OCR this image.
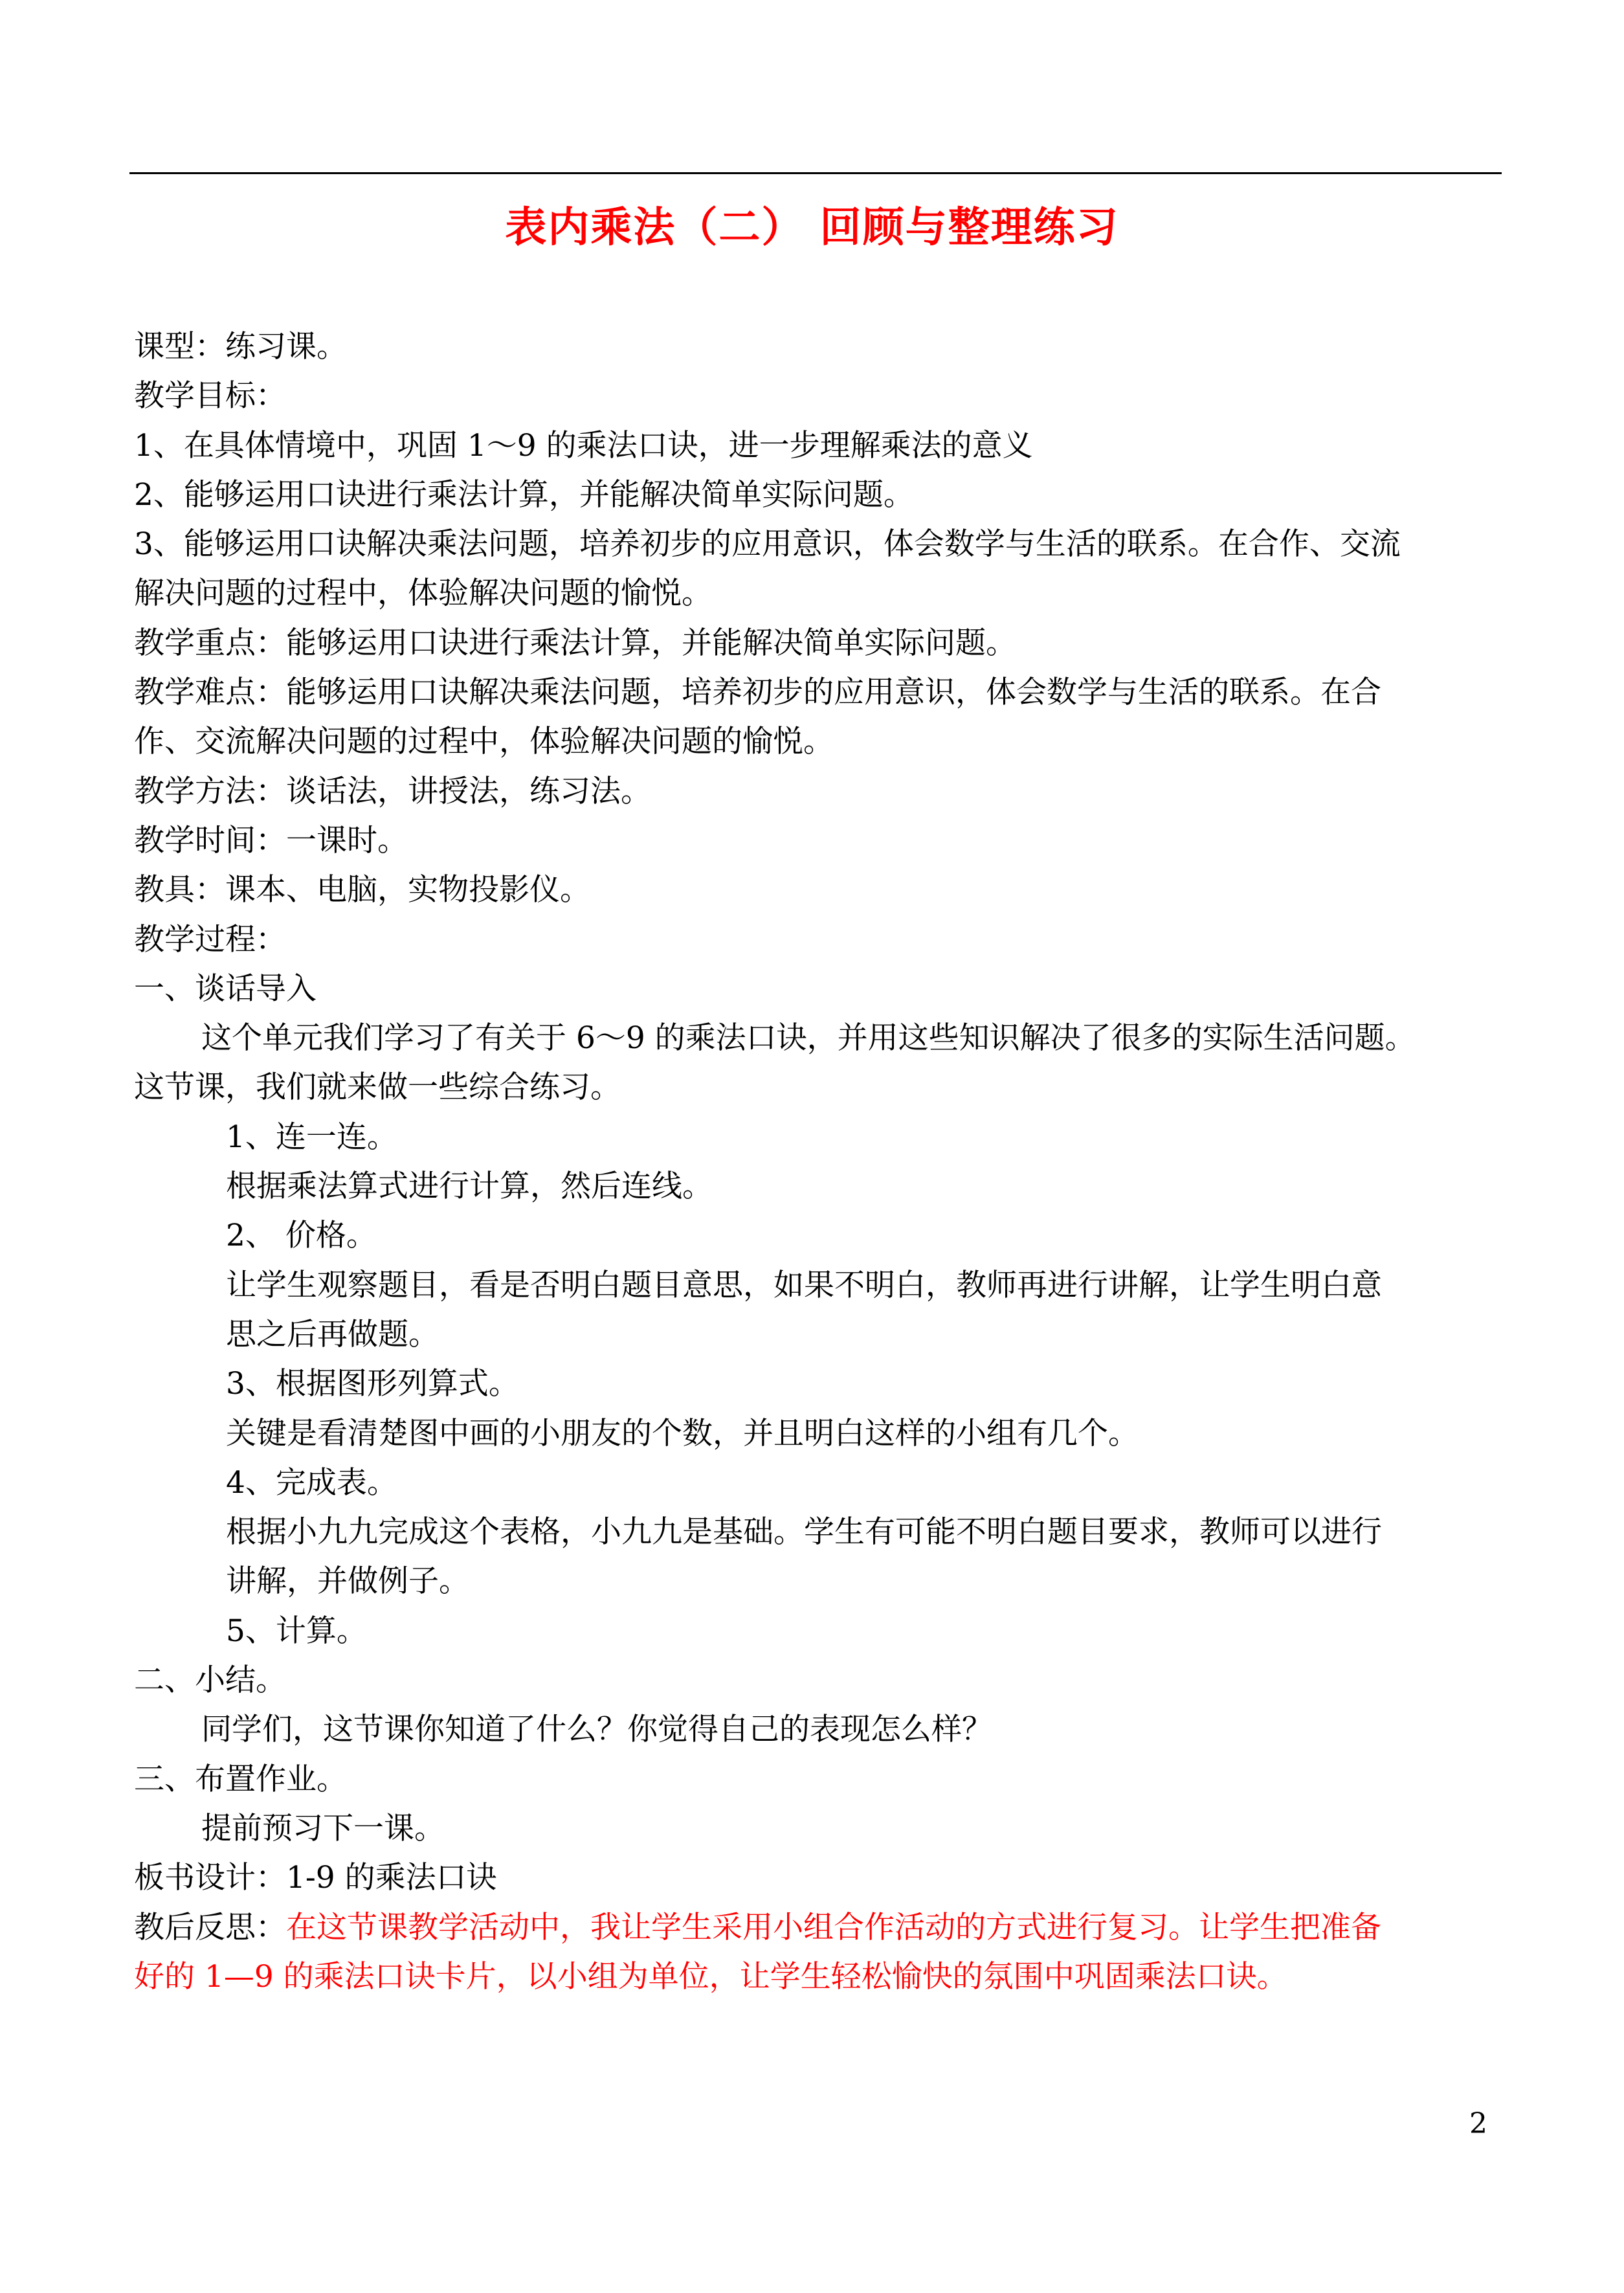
表内乘法（二） 回顾与整理练习
课型：练习课。
教学目标：
1、在具体情境中，巩固 1～9 的乘法口诀，进一步理解乘法的意义
2、能够运用口诀进行乘法计算，并能解决简单实际问题。
3、能够运用口诀解决乘法问题，培养初步的应用意识，体会数学与生活的联系。在合作、交流
解决问题的过程中，体验解决问题的愉悦。
教学重点：能够运用口诀进行乘法计算，并能解决简单实际问题。
教学难点：能够运用口诀解决乘法问题，培养初步的应用意识，体会数学与生活的联系。在合
作、交流解决问题的过程中，体验解决问题的愉悦。
教学方法：谈话法，讲授法，练习法。
教学时间：一课时。
教具：课本、电脑，实物投影仪。
教学过程：
一、谈话导入
这个单元我们学习了有关于 6～9 的乘法口诀，并用这些知识解决了很多的实际生活问题。
这节课，我们就来做一些综合练习。
1、连一连。
根据乘法算式进行计算，然后连线。
2、 价格。
让学生观察题目，看是否明白题目意思，如果不明白，教师再进行讲解，让学生明白意
思之后再做题。
3、根据图形列算式。
关键是看清楚图中画的小朋友的个数，并且明白这样的小组有几个。
4、完成表。
根据小九九完成这个表格，小九九是基础。学生有可能不明白题目要求，教师可以进行
讲解，并做例子。
5、计算。
二、小结。
同学们，这节课你知道了什么？你觉得自己的表现怎么样？
三、布置作业。
提前预习下一课。
板书设计：1-9 的乘法口诀
教后反思：在这节课教学活动中，我让学生采用小组合作活动的方式进行复习。让学生把准备
好的 1—9 的乘法口诀卡片，以小组为单位，让学生轻松愉快的氛围中巩固乘法口诀。
2
